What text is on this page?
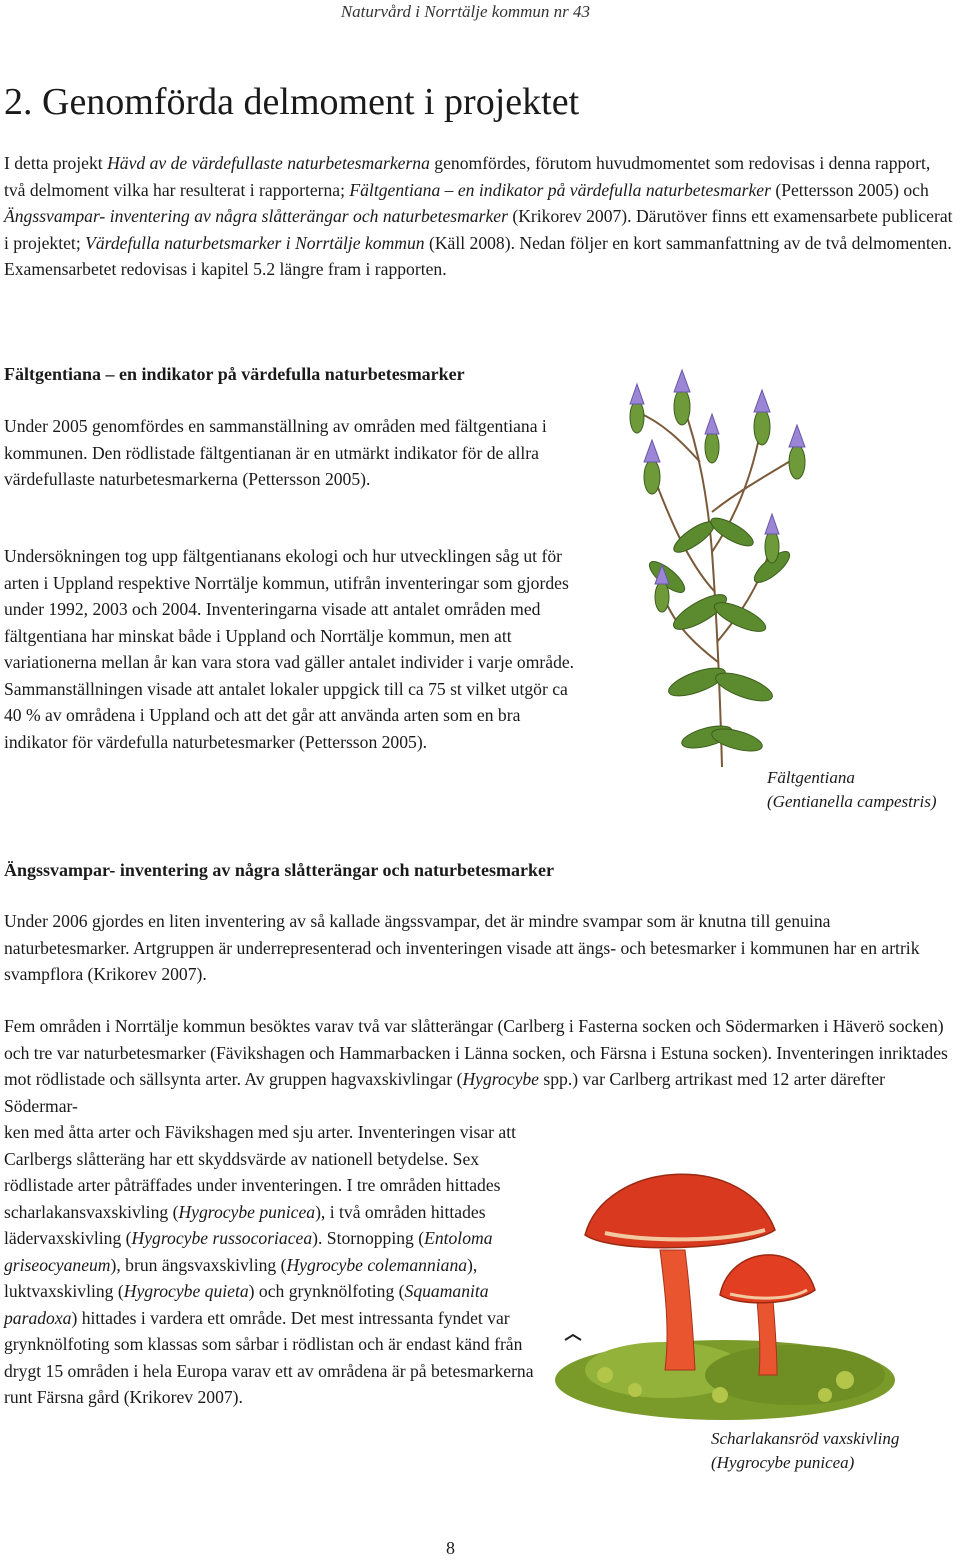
Naturvård i Norrtälje kommun nr 43
2. Genomförda delmoment i projektet

I detta projekt Hävd av de värdefullaste naturbetesmarkerna genomfördes, förutom huvudmomentet som redovisas i denna rapport, två delmoment vilka har resulterat i rapporterna; Fältgentiana – en indikator på värdefulla naturbetesmarker (Pettersson 2005) och Ängssvampar- inventering av några slåtterängar och naturbetesmarker (Krikorev 2007). Därutöver finns ett examensarbete publicerat i projektet; Värdefulla naturbetsmarker i Norrtälje kommun (Käll 2008). Nedan följer en kort sammanfattning av de två delmomenten. Examensarbetet redovisas i kapitel 5.2 längre fram i rapporten.

Fältgentiana – en indikator på värdefulla naturbetesmarker

Under 2005 genomfördes en sammanställning av områden med fältgentiana i kommunen. Den rödlistade fältgentianan är en utmärkt indikator för de allra värdefullaste naturbetesmarkerna (Pettersson 2005).

Undersökningen tog upp fältgentianans ekologi och hur utvecklingen såg ut för arten i Uppland respektive Norrtälje kommun, utifrån inventeringar som gjordes under 1992, 2003 och 2004. Inventeringarna visade att antalet områden med fältgentiana har minskat både i Uppland och Norrtälje kommun, men att variationerna mellan år kan vara stora vad gäller antalet individer i varje område. Sammanställningen visade att antalet lokaler uppgick till ca 75 st vilket utgör ca 40 % av områdena i Uppland och att det går att använda arten som en bra indikator för värdefulla naturbetesmarker (Pettersson 2005).

Fältgentiana
(Gentianella campestris)
Ängssvampar- inventering av några slåtterängar och naturbetesmarker

Under 2006 gjordes en liten inventering av så kallade ängssvampar, det är mindre svampar som är knutna till genuina naturbetesmarker. Artgruppen är underrepresenterad och inventeringen visade att ängs- och betesmarker i kommunen har en artrik svampflora (Krikorev 2007).

Fem områden i Norrtälje kommun besöktes varav två var slåtterängar (Carlberg i Fasterna socken och Södermarken i Häverö socken) och tre var naturbetesmarker (Fävikshagen och Hammarbacken i Länna socken, och Färsna i Estuna socken). Inventeringen inriktades mot rödlistade och sällsynta arter. Av gruppen hagvaxskivlingar (Hygrocybe spp.) var Carlberg artrikast med 12 arter därefter Södermar-

ken med åtta arter och Fävikshagen med sju arter. Inventeringen visar att Carlbergs slåtteräng har ett skyddsvärde av nationell betydelse. Sex rödlistade arter påträffades under inventeringen. I tre områden hittades scharlakansvaxskivling (Hygrocybe punicea), i två områden hittades lädervaxskivling (Hygrocybe russocoriacea). Stornopping (Entoloma griseocyaneum), brun ängsvaxskivling (Hygrocybe colemanniana), luktvaxskivling (Hygrocybe quieta) och grynknölfoting (Squamanita paradoxa) hittades i vardera ett område. Det mest intressanta fyndet var grynknölfoting som klassas som sårbar i rödlistan och är endast känd från drygt 15 områden i hela Europa varav ett av områdena är på betesmarkerna runt Färsna gård (Krikorev 2007).

Scharlakansröd vaxskivling
(Hygrocybe punicea)
8
